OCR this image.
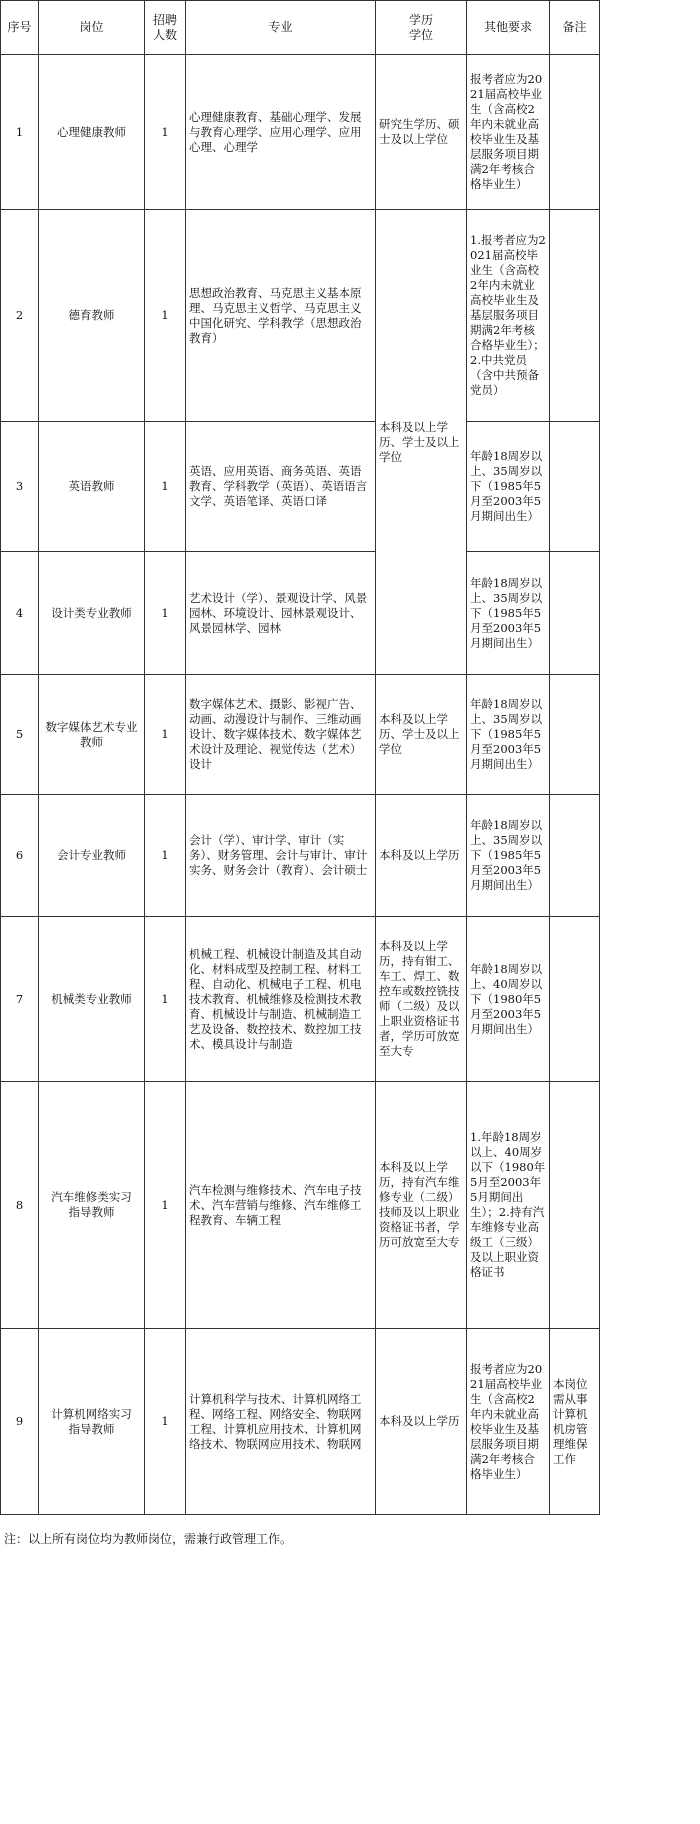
序号	岗位	招聘人数	专业	学历学位	其他要求	备注
1	心理健康教师	1	心理健康教育、基础心理学、发展与教育心理学、应用心理学、应用心理、心理学	研究生学历、硕士及以上学位	报考者应为2021届高校毕业生（含高校2年内未就业高校毕业生及基层服务项目期满2年考核合格毕业生）	
2	德育教师	1	思想政治教育、马克思主义基本原理、马克思主义哲学、马克思主义中国化研究、学科教学（思想政治教育）	本科及以上学历、学士及以上学位	1.报考者应为2021届高校毕业生（含高校2年内未就业高校毕业生及基层服务项目期满2年考核合格毕业生）；2.中共党员（含中共预备党员）	
3	英语教师	1	英语、应用英语、商务英语、英语教育、学科教学（英语）、英语语言文学、英语笔译、英语口译		年龄18周岁以上、35周岁以下（1985年5月至2003年5月期间出生）	
4	设计类专业教师	1	艺术设计（学）、景观设计学、风景园林、环境设计、园林景观设计、风景园林学、园林		年龄18周岁以上、35周岁以下（1985年5月至2003年5月期间出生）	
5	数字媒体艺术专业教师	1	数字媒体艺术、摄影、影视广告、动画、动漫设计与制作、三维动画设计、数字媒体技术、数字媒体艺术设计及理论、视觉传达（艺术）设计	本科及以上学历、学士及以上学位	年龄18周岁以上、35周岁以下（1985年5月至2003年5月期间出生）	
6	会计专业教师	1	会计（学）、审计学、审计（实务）、财务管理、会计与审计、审计实务、财务会计（教育）、会计硕士	本科及以上学历	年龄18周岁以上、35周岁以下（1985年5月至2003年5月期间出生）	
7	机械类专业教师	1	机械工程、机械设计制造及其自动化、材料成型及控制工程、材料工程、自动化、机械电子工程、机电技术教育、机械维修及检测技术教育、机械设计与制造、机械制造工艺及设备、数控技术、数控加工技术、模具设计与制造	本科及以上学历，持有钳工、车工、焊工、数控车或数控铣技师（二级）及以上职业资格证书者，学历可放宽至大专	年龄18周岁以上、40周岁以下（1980年5月至2003年5月期间出生）	
8	汽车维修类实习指导教师	1	汽车检测与维修技术、汽车电子技术、汽车营销与维修、汽车维修工程教育、车辆工程	本科及以上学历，持有汽车维修专业（二级）技师及以上职业资格证书者，学历可放宽至大专	1.年龄18周岁以上、40周岁以下（1980年5月至2003年5月期间出生）；2.持有汽车维修专业高级工（三级）及以上职业资格证书	
9	计算机网络实习指导教师	1	计算机科学与技术、计算机网络工程、网络工程、网络安全、物联网工程、计算机应用技术、计算机网络技术、物联网应用技术、物联网	本科及以上学历	报考者应为2021届高校毕业生（含高校2年内未就业高校毕业生及基层服务项目期满2年考核合格毕业生）	本岗位需从事计算机机房管理维保工作
注：以上所有岗位均为教师岗位，需兼行政管理工作。
